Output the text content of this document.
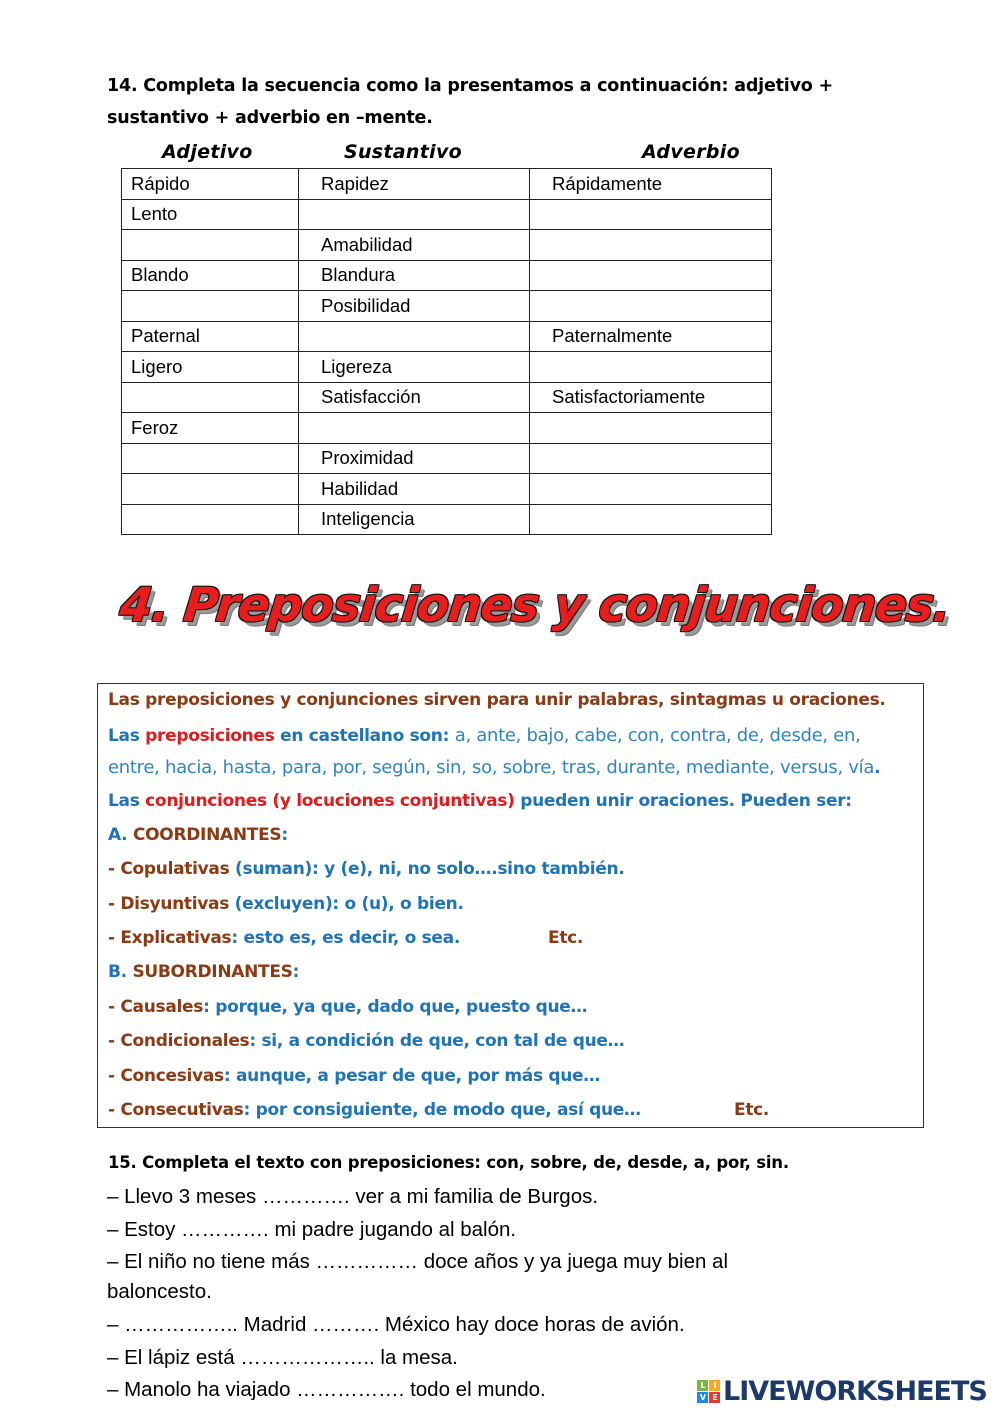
14. Completa la secuencia como la presentamos a continuación: adjetivo +
sustantivo + adverbio en –mente.
Adjetivo	Sustantivo	Adverbio
Rápido	Rapidez	Rápidamente
Lento		
	Amabilidad	
Blando	Blandura	
	Posibilidad	
Paternal		Paternalmente
Ligero	Ligereza	
	Satisfacción	Satisfactoriamente
Feroz		
	Proximidad	
	Habilidad	
	Inteligencia	
4. Preposiciones y conjunciones.
Las preposiciones y conjunciones sirven para unir palabras, sintagmas u oraciones.
Las preposiciones en castellano son: a, ante, bajo, cabe, con, contra, de, desde, en,
entre, hacia, hasta, para, por, según, sin, so, sobre, tras, durante, mediante, versus, vía.
Las conjunciones (y locuciones conjuntivas) pueden unir oraciones. Pueden ser:
A. COORDINANTES:
- Copulativas (suman): y (e), ni, no solo….sino también.
- Disyuntivas (excluyen): o (u), o bien.
- Explicativas: esto es, es decir, o sea.	Etc.
B. SUBORDINANTES:
- Causales: porque, ya que, dado que, puesto que…
- Condicionales: si, a condición de que, con tal de que…
- Concesivas: aunque, a pesar de que, por más que…
- Consecutivas: por consiguiente, de modo que, así que…	Etc.
15. Completa el texto con preposiciones: con, sobre, de, desde, a, por, sin.
– Llevo 3 meses …………. ver a mi familia de Burgos.
– Estoy …………. mi padre jugando al balón.
– El niño no tiene más …………… doce años y ya juega muy bien al baloncesto.
– …………….. Madrid ………. México hay doce horas de avión.
– El lápiz está ……………….. la mesa.
– Manolo ha viajado ……………. todo el mundo.	L	I
V E LIVEWORKSHEETS
